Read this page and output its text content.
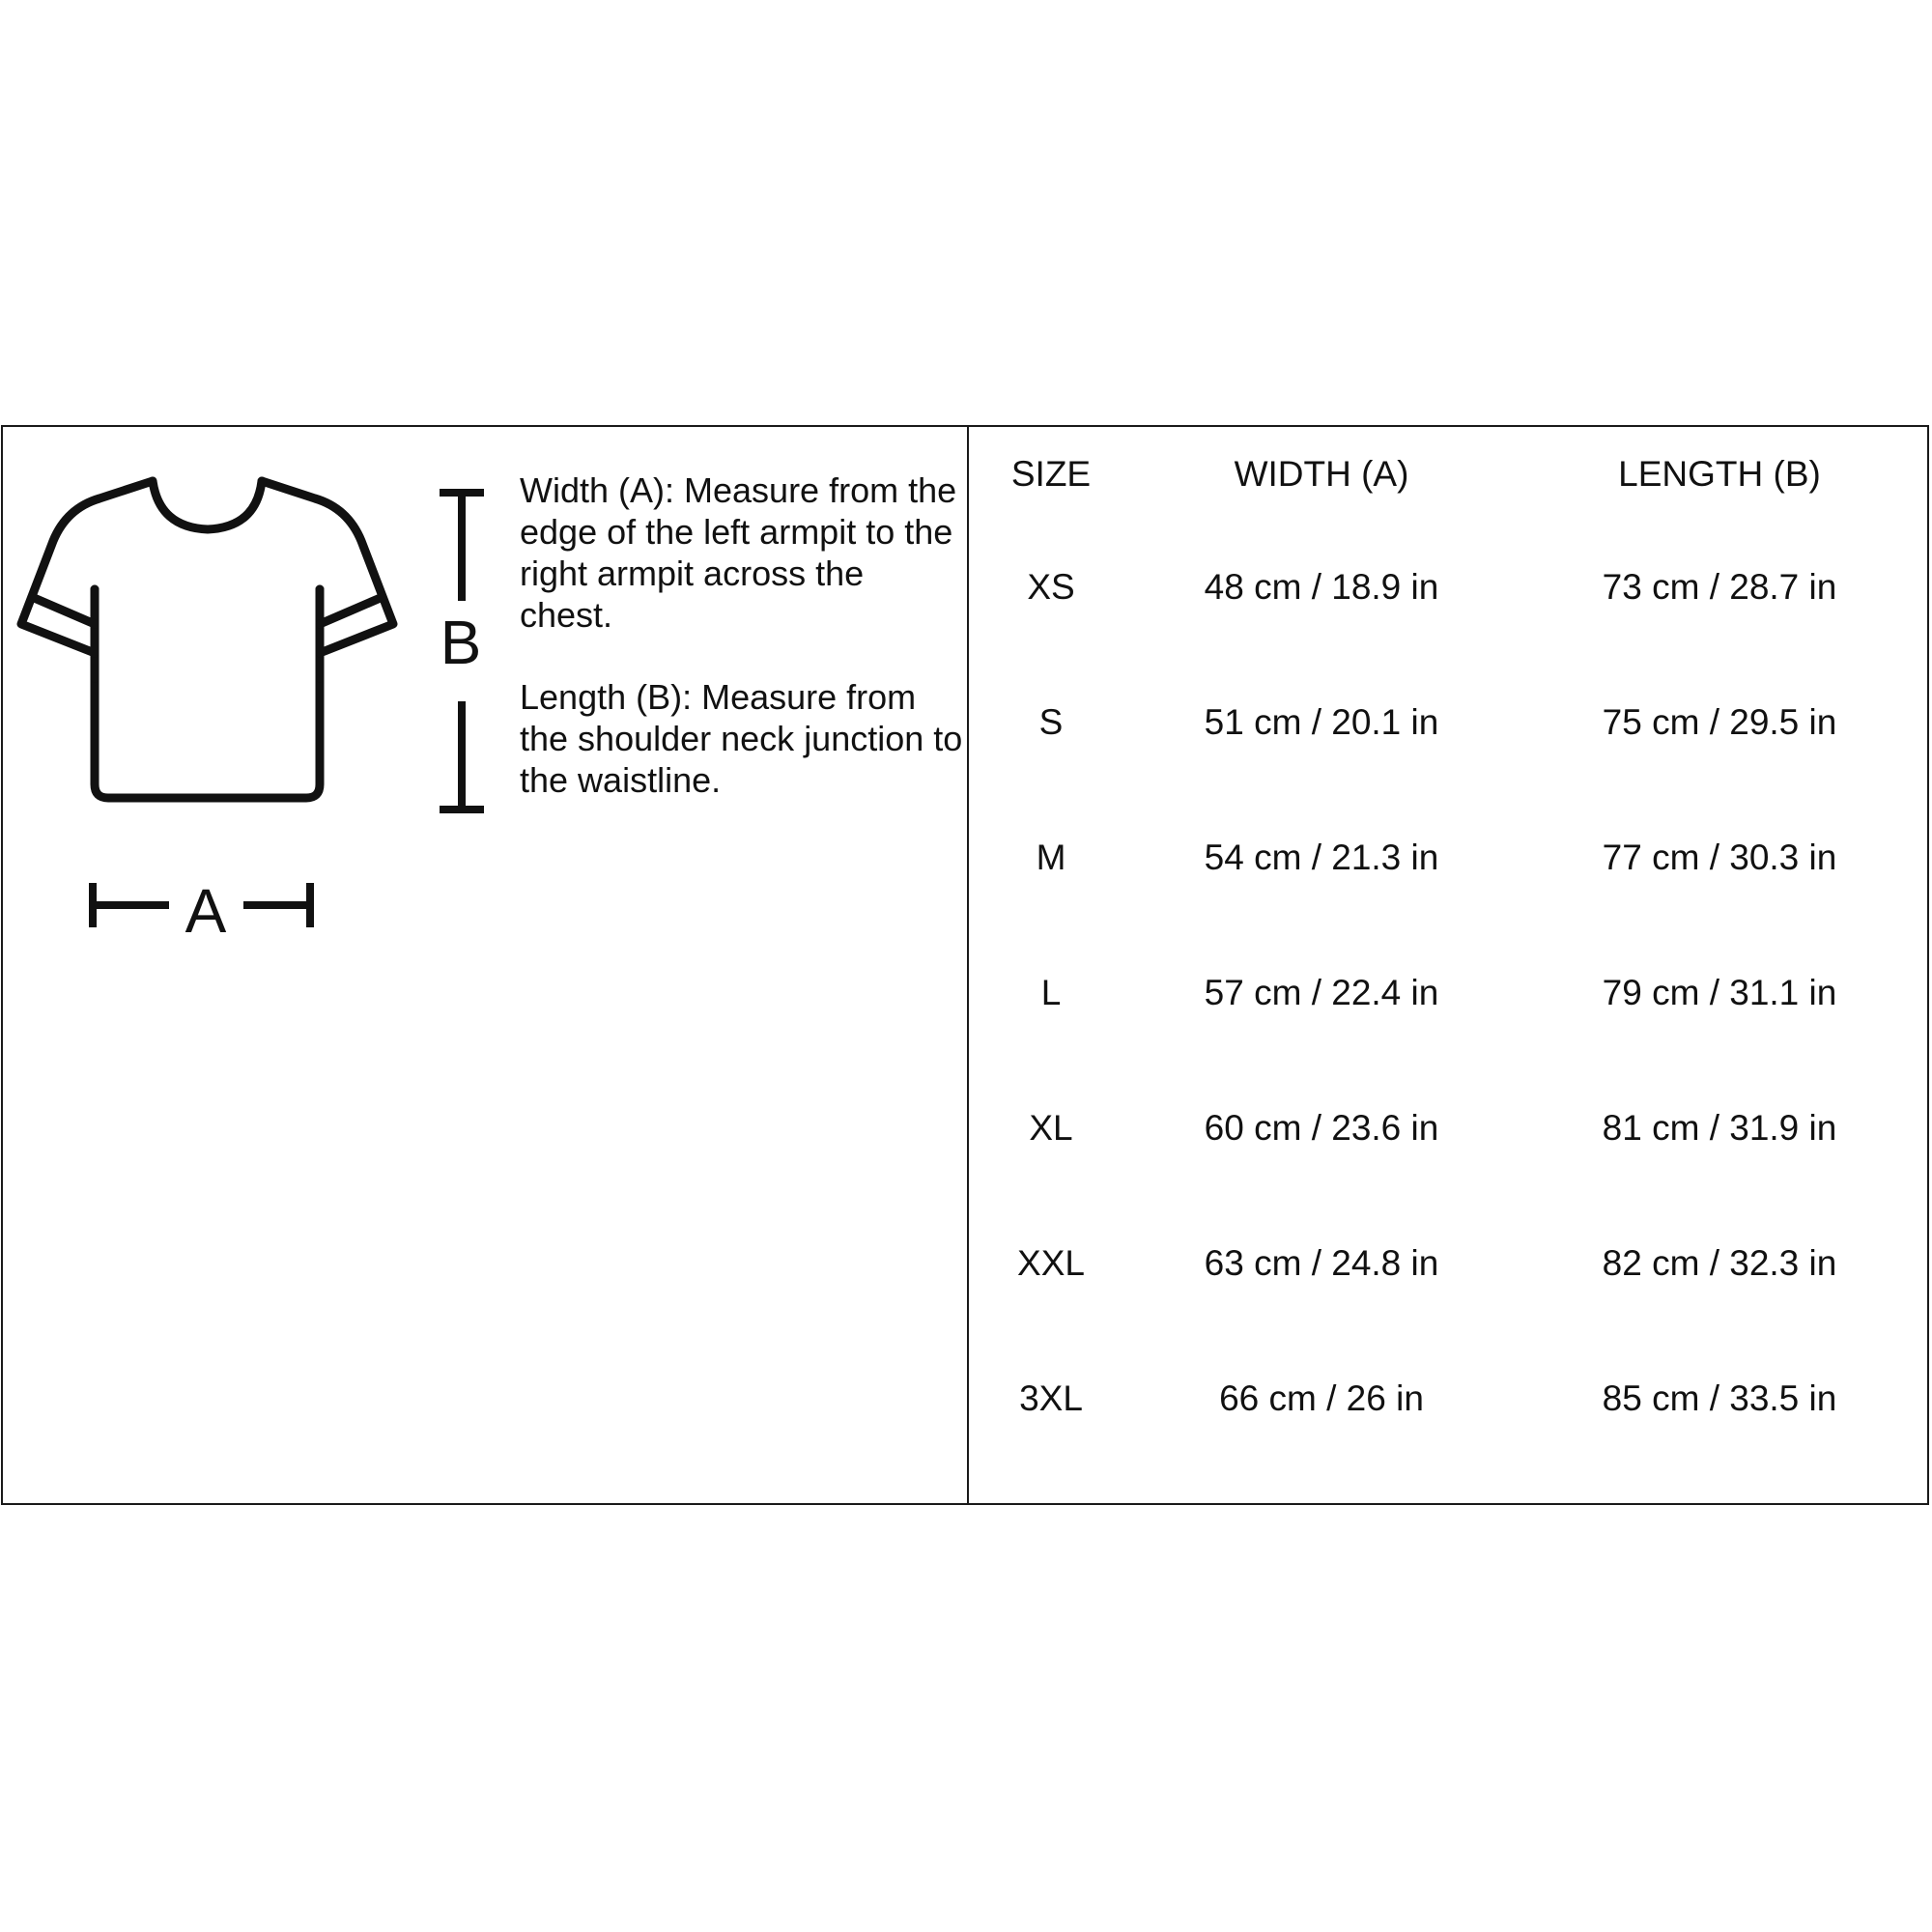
B
A

Width (A): Measure from the edge of the left armpit to the right armpit across the chest.

Length (B): Measure from the shoulder neck junction to the waistline.

SIZE	WIDTH (A)	LENGTH (B)
XS	48 cm / 18.9 in	73 cm / 28.7 in
S	51 cm / 20.1 in	75 cm / 29.5 in
M	54 cm / 21.3 in	77 cm / 30.3 in
L	57 cm / 22.4 in	79 cm / 31.1 in
XL	60 cm / 23.6 in	81 cm / 31.9 in
XXL	63 cm / 24.8 in	82 cm / 32.3 in
3XL	66 cm / 26 in	85 cm / 33.5 in
